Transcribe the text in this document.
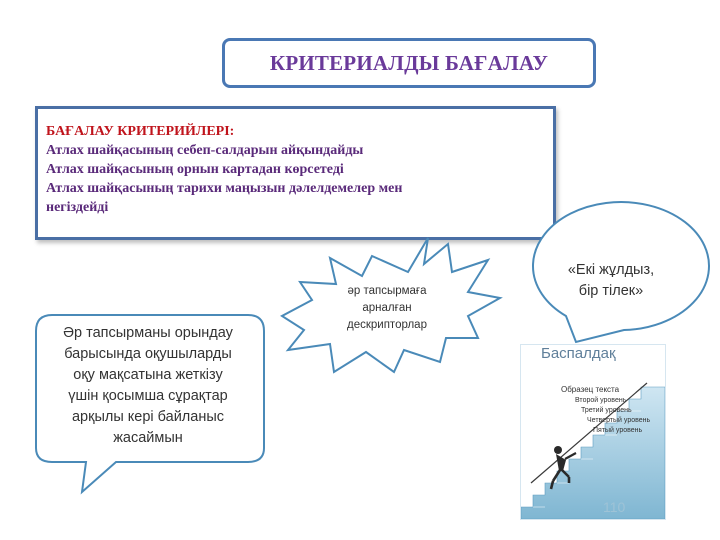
КРИТЕРИАЛДЫ БАҒАЛАУ
БАҒАЛАУ КРИТЕРИЙЛЕРІ:
Атлах шайқасының себеп-салдарын айқындайды
Атлах шайқасының орнын картадан көрсетеді
Атлах шайқасының тарихи маңызын дәлелдемелер мен
негіздейді
әр тапсырмаға
арналған
дескрипторлар
Әр тапсырманы орындау
барысында оқушыларды
оқу мақсатына жеткізу
үшін қосымша сұрақтар
арқылы кері байланыс
жасаймын
«Екі жұлдыз,
бір тілек»
Баспалдақ
Образец текста
Второй уровень
Третий уровень
Четвертый уровень
Пятый уровень
110
